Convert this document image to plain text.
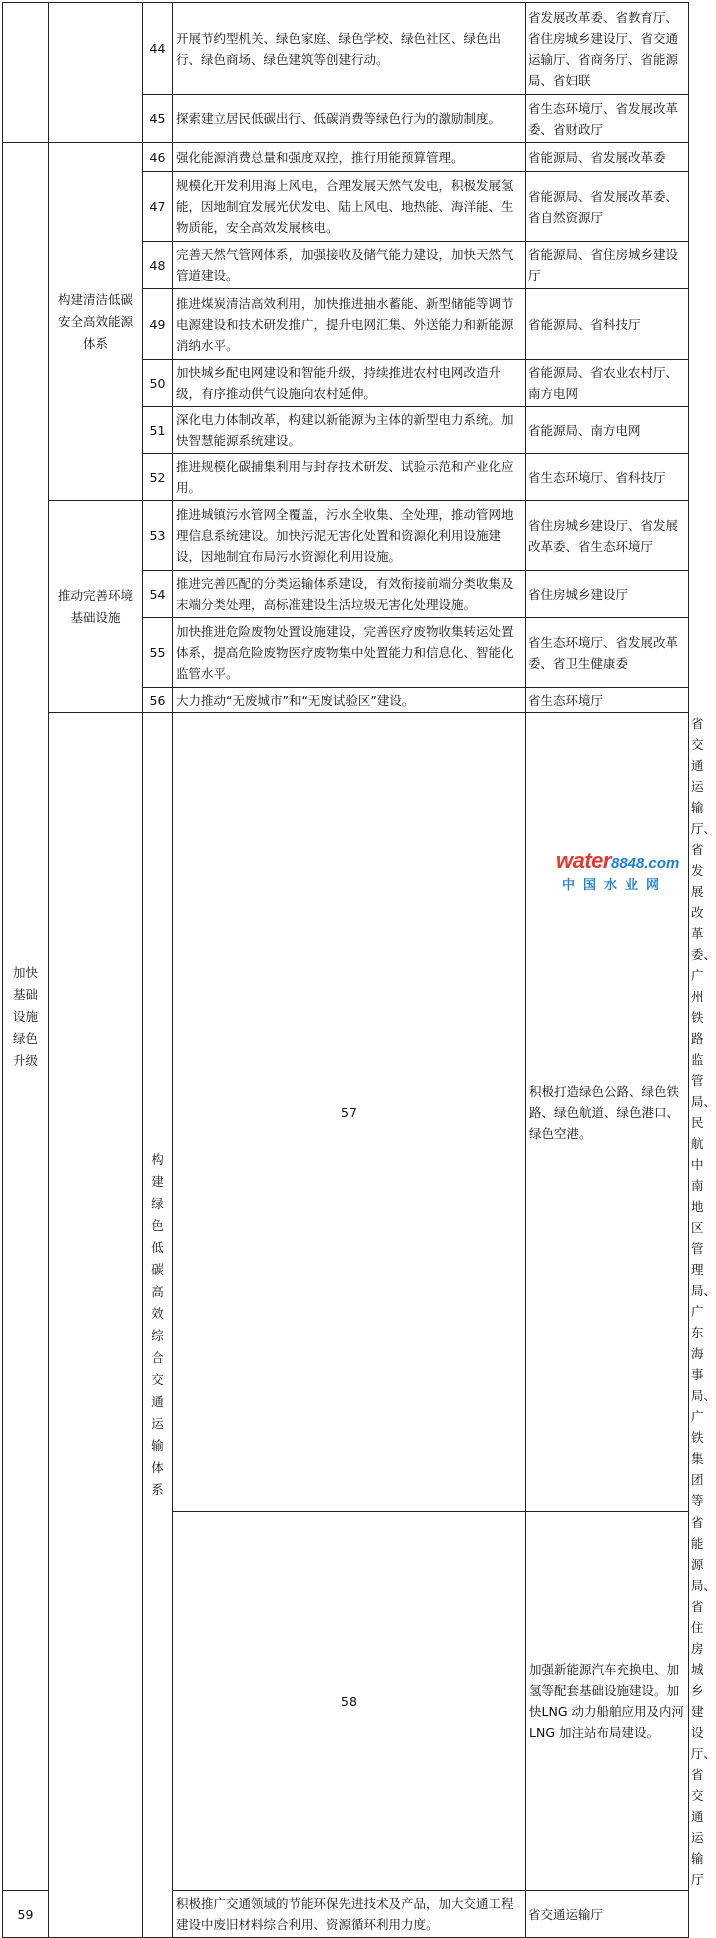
		44	开展节约型机关、绿色家庭、绿色学校、绿色社区、绿色出行、绿色商场、绿色建筑等创建行动。	省发展改革委、省教育厅、省住房城乡建设厅、省交通运输厅、省商务厅、省能源局、省妇联	
		45	探索建立居民低碳出行、低碳消费等绿色行为的激励制度。	省生态环境厅、省发展改革委、省财政厅	
加快基础设施绿色升级	构建清洁低碳安全高效能源体系	46	强化能源消费总量和强度双控，推行用能预算管理。	省能源局、省发展改革委	
		47	规模化开发利用海上风电，合理发展天然气发电，积极发展氢能，因地制宜发展光伏发电、陆上风电、地热能、海洋能、生物质能，安全高效发展核电。	省能源局、省发展改革委、省自然资源厅	
		48	完善天然气管网体系，加强接收及储气能力建设，加快天然气管道建设。	省能源局、省住房城乡建设厅	
		49	推进煤炭清洁高效利用，加快推进抽水蓄能、新型储能等调节电源建设和技术研发推广，提升电网汇集、外送能力和新能源消纳水平。	省能源局、省科技厅	
		50	加快城乡配电网建设和智能升级，持续推进农村电网改造升级，有序推动供气设施向农村延伸。	省能源局、省农业农村厅、南方电网	
		51	深化电力体制改革，构建以新能源为主体的新型电力系统。加快智慧能源系统建设。	省能源局、南方电网	
		52	推进规模化碳捕集利用与封存技术研发、试验示范和产业化应用。	省生态环境厅、省科技厅	
	推动完善环境基础设施	53	推进城镇污水管网全覆盖，污水全收集、全处理，推动管网地理信息系统建设。加快污泥无害化处置和资源化利用设施建设，因地制宜布局污水资源化利用设施。	省住房城乡建设厅、省发展改革委、省生态环境厅	
		54	推进完善匹配的分类运输体系建设，有效衔接前端分类收集及末端分类处理，高标准建设生活垃圾无害化处理设施。	省住房城乡建设厅	
		55	加快推进危险废物处置设施建设，完善医疗废物收集转运处置体系，提高危险废物医疗废物集中处置能力和信息化、智能化监管水平。	省生态环境厅、省发展改革委、省卫生健康委	
		56	大力推动“无废城市”和“无废试验区”建设。	省生态环境厅	
		构建绿色低碳高效综合交通运输体系	57	积极打造绿色公路、绿色铁路、绿色航道、绿色港口、绿色空港。	省交通运输厅、省发展改革委、广州铁路监管局、民航中南地区管理局、广东海事局、广铁集团等
			58	加强新能源汽车充换电、加氢等配套基础设施建设。加快LNG 动力船舶应用及内河 LNG 加注站布局建设。	省能源局、省住房城乡建设厅、省交通运输厅
59			积极推广交通领域的节能环保先进技术及产品，加大交通工程建设中废旧材料综合利用、资源循环利用力度。	省交通运输厅	
water8848.com
中国水业网
